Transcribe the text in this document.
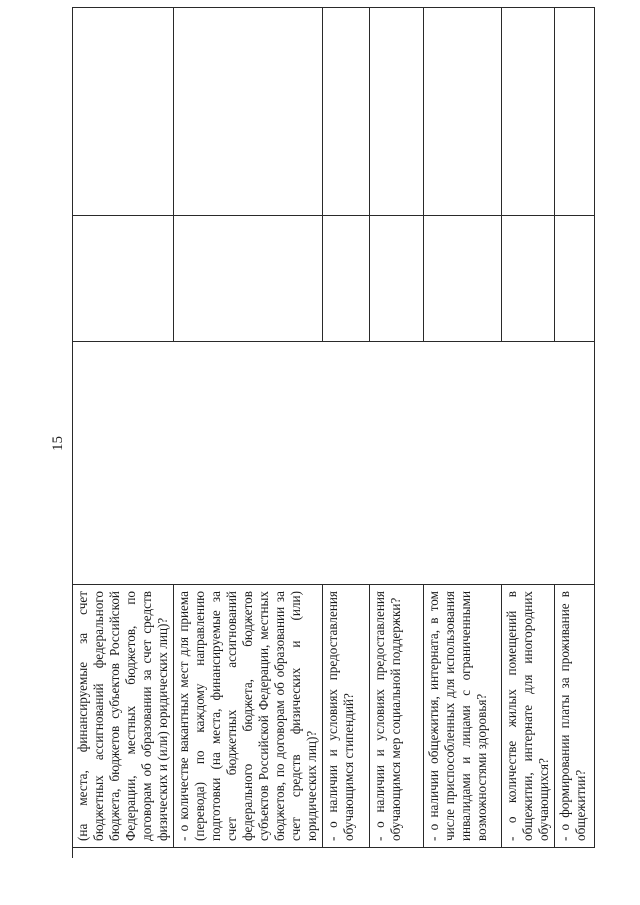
15
(на места, финансируемые за счет бюджетных ассигнований федерального бюджета, бюджетов субъектов Российской Федерации, местных бюджетов, по договорам об образовании за счет средств физических и (или) юридических лиц)?			
- о количестве вакантных мест для приема (перевода) по каждому направлению подготовки (на места, финансируемые за счет бюджетных ассигнований федерального бюджета, бюджетов субъектов Российской Федерации, местных бюджетов, по договорам об образовании за счет средств физических и (или) юридических лиц)?			
- о наличии и условиях предоставления обучающимся стипендий?			
- о наличии и условиях предоставления обучающимся мер социальной поддержки?			
- о наличии общежития, интерната, в том числе приспособленных для использования инвалидами и лицами с ограниченными возможностями здоровья?			
- о количестве жилых помещений в общежитии, интернате для иногородних обучающихся?			
- о формировании платы за проживание в общежитии?			
